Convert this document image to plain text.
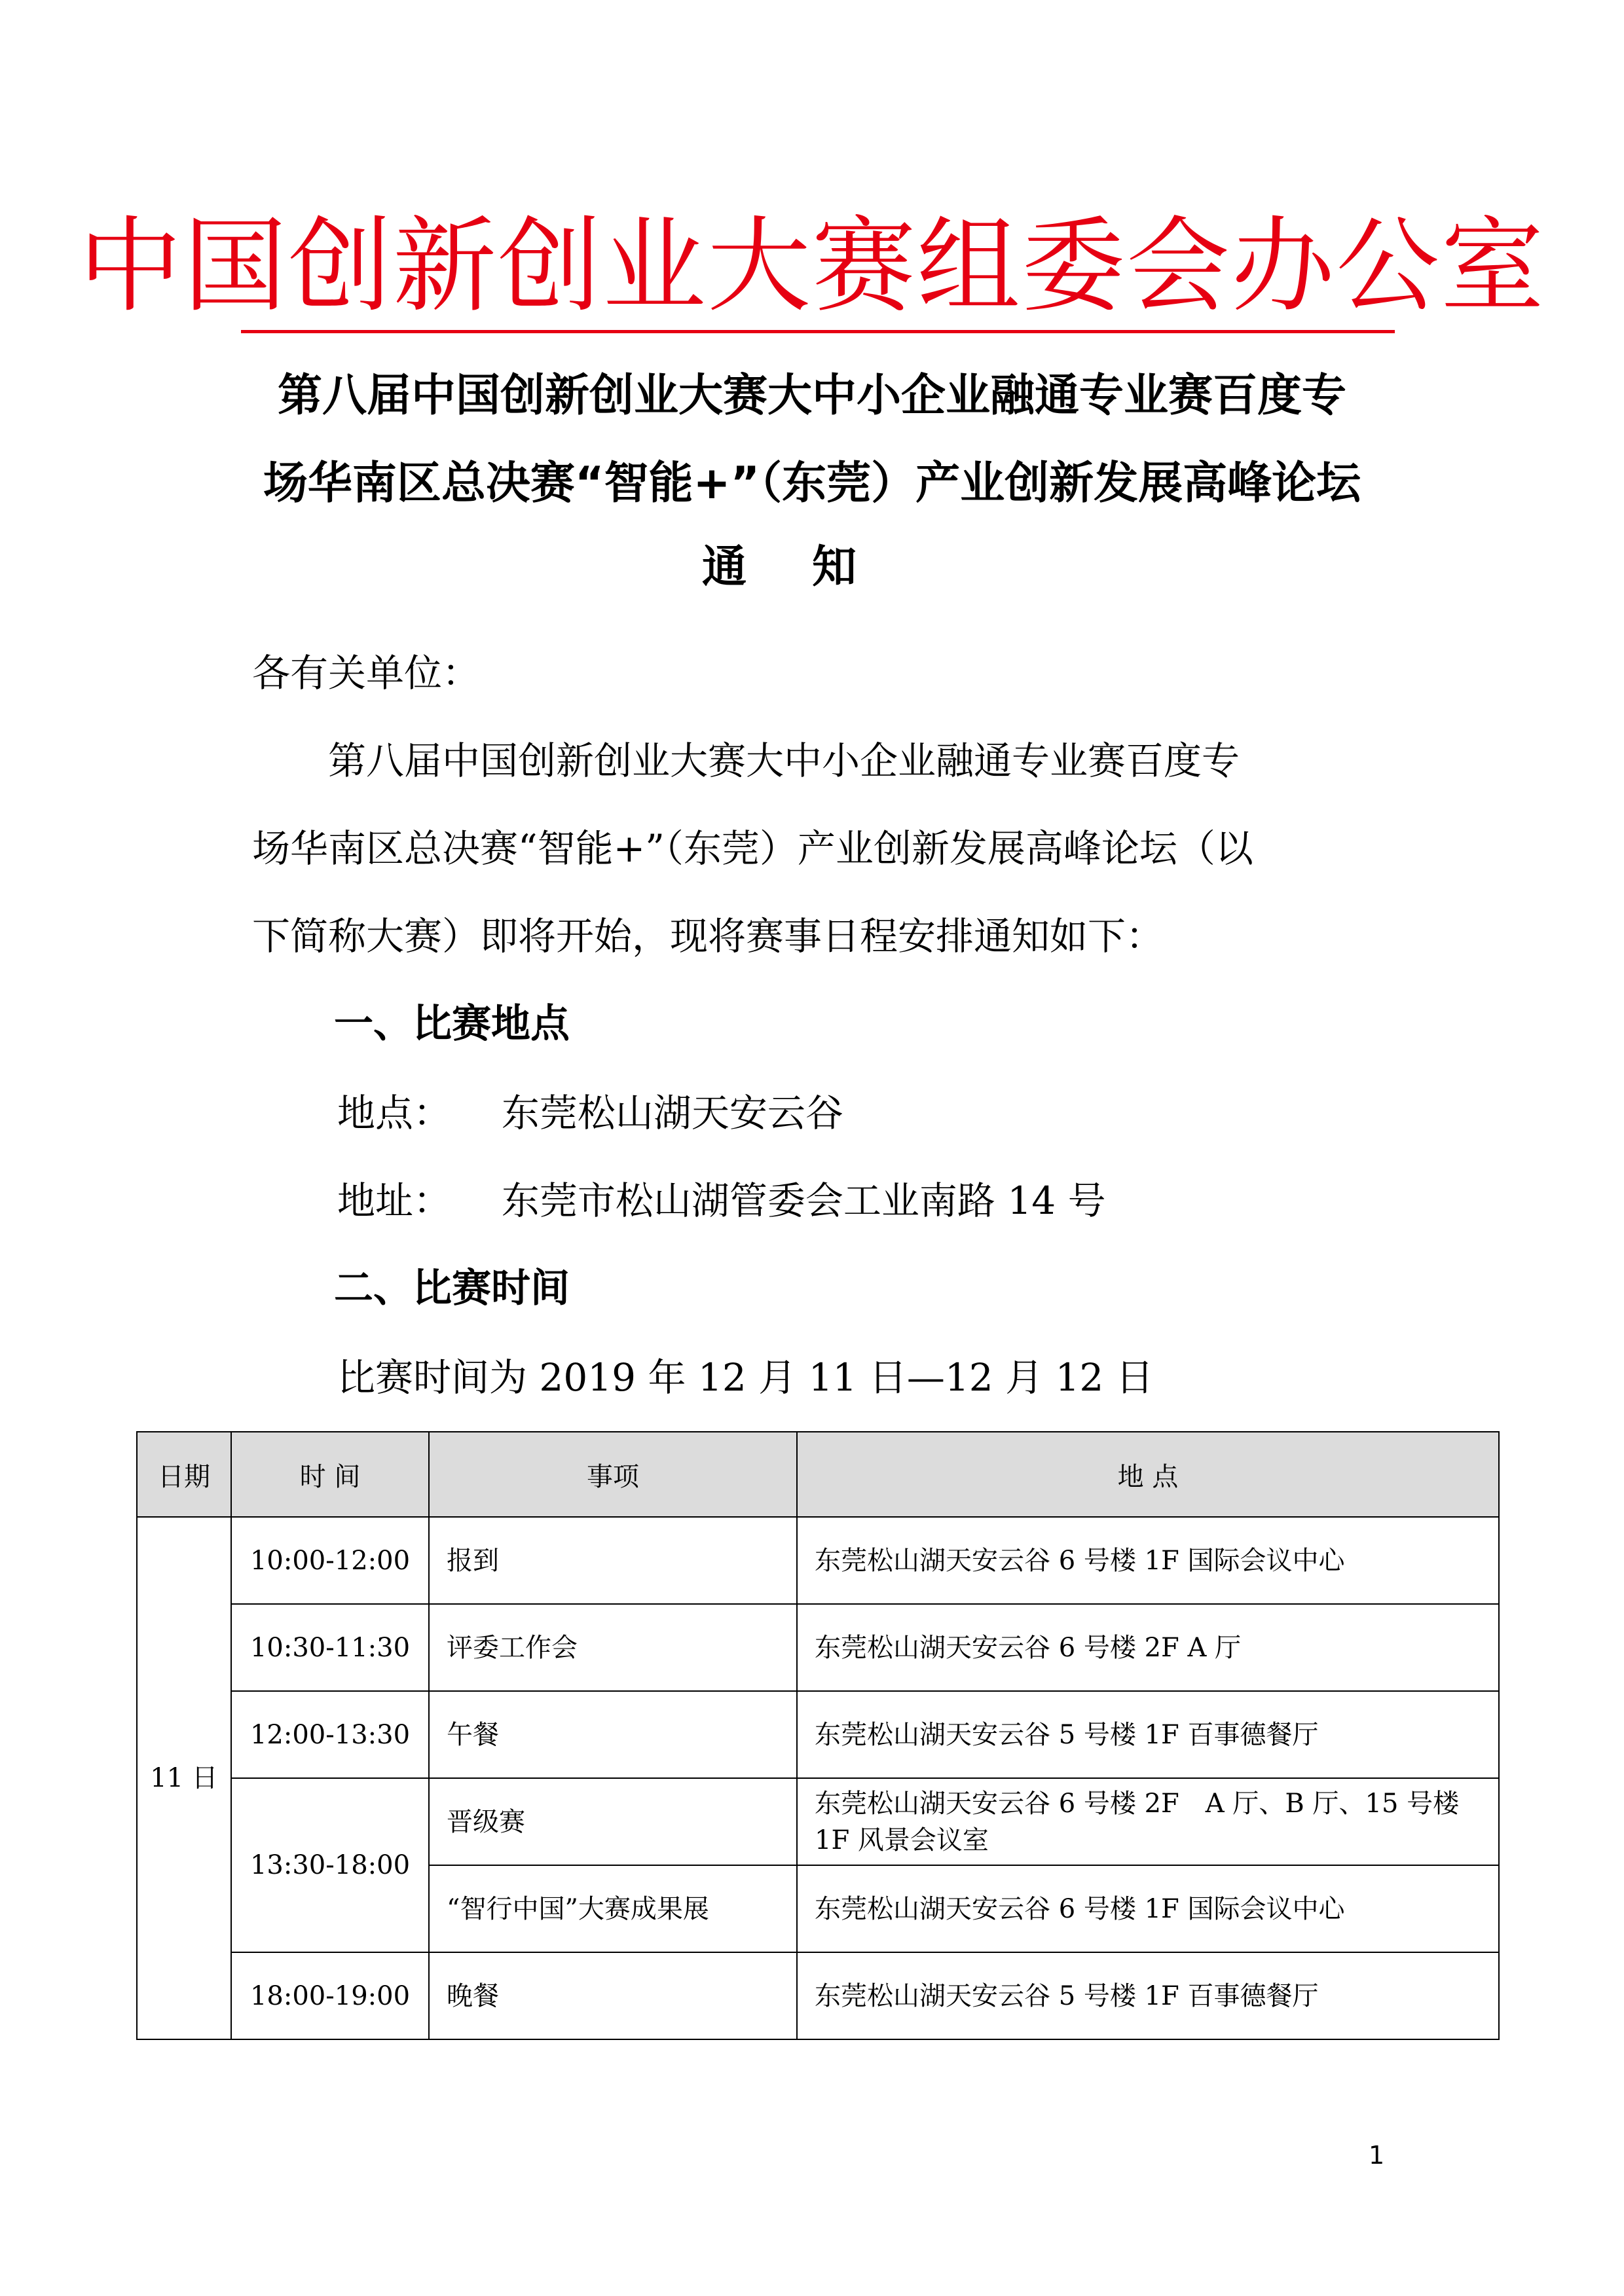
中国创新创业大赛组委会办公室
第八届中国创新创业大赛大中小企业融通专业赛百度专
场华南区总决赛“智能+”（东莞）产业创新发展高峰论坛
通知
各有关单位：
　　第八届中国创新创业大赛大中小企业融通专业赛百度专
场华南区总决赛“智能+”（东莞）产业创新发展高峰论坛（以
下简称大赛）即将开始，现将赛事日程安排通知如下：
一、比赛地点
地点： 东莞松山湖天安云谷
地址： 东莞市松山湖管委会工业南路 14 号
二、比赛时间
比赛时间为 2019 年 12 月 11 日—12 月 12 日
日期	时 间	事项	地 点
11 日	10:00-12:00	报到	东莞松山湖天安云谷 6 号楼 1F 国际会议中心
	10:30-11:30	评委工作会	东莞松山湖天安云谷 6 号楼 2F A 厅
	12:00-13:30	午餐	东莞松山湖天安云谷 5 号楼 1F 百事德餐厅
	13:30-18:00	晋级赛	东莞松山湖天安云谷 6 号楼 2F　A 厅、B 厅、15 号楼 1F 风景会议室
		“智行中国”大赛成果展	东莞松山湖天安云谷 6 号楼 1F 国际会议中心
	18:00-19:00	晚餐	东莞松山湖天安云谷 5 号楼 1F 百事德餐厅
1
